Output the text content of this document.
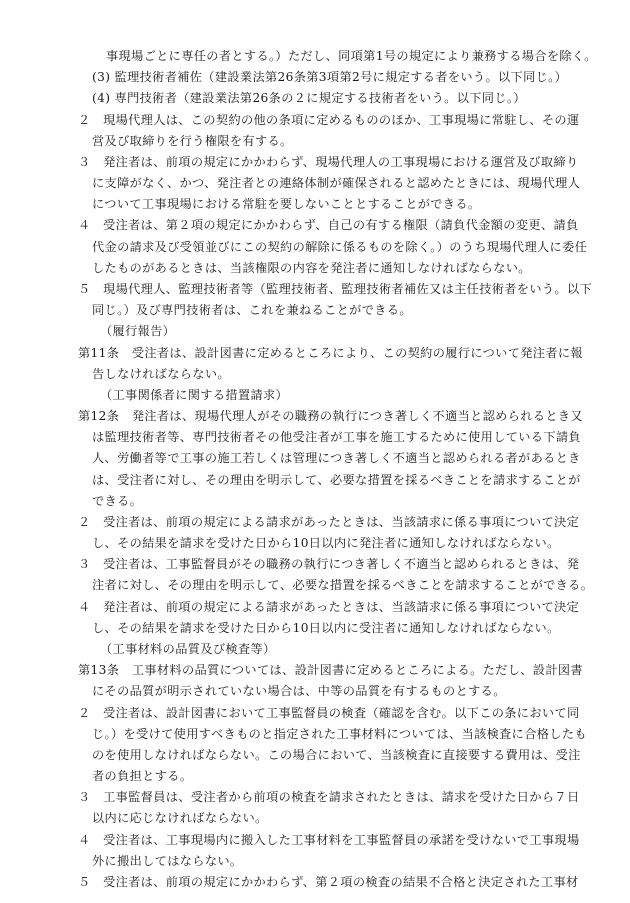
事現場ごとに専任の者とする。）ただし、同項第1号の規定により兼務する場合を除く。
(3) 監理技術者補佐（建設業法第26条第3項第2号に規定する者をいう。以下同じ。）
(4) 専門技術者（建設業法第26条の２に規定する技術者をいう。以下同じ。）
２　現場代理人は、この契約の他の条項に定めるもののほか、工事現場に常駐し、その運
営及び取締りを行う権限を有する。
３　発注者は、前項の規定にかかわらず、現場代理人の工事現場における運営及び取締り
に支障がなく、かつ、発注者との連絡体制が確保されると認めたときには、現場代理人
について工事現場における常駐を要しないこととすることができる。
４　受注者は、第２項の規定にかかわらず、自己の有する権限（請負代金額の変更、請負
代金の請求及び受領並びにこの契約の解除に係るものを除く。）のうち現場代理人に委任
したものがあるときは、当該権限の内容を発注者に通知しなければならない。
５　現場代理人、監理技術者等（監理技術者、監理技術者補佐又は主任技術者をいう。以下
同じ。）及び専門技術者は、これを兼ねることができる。
（履行報告）
第11条　受注者は、設計図書に定めるところにより、この契約の履行について発注者に報
告しなければならない。
（工事関係者に関する措置請求）
第12条　発注者は、現場代理人がその職務の執行につき著しく不適当と認められるとき又
は監理技術者等、専門技術者その他受注者が工事を施工するために使用している下請負
人、労働者等で工事の施工若しくは管理につき著しく不適当と認められる者があるとき
は、受注者に対し、その理由を明示して、必要な措置を採るべきことを請求することが
できる。
２　受注者は、前項の規定による請求があったときは、当該請求に係る事項について決定
し、その結果を請求を受けた日から10日以内に発注者に通知しなければならない。
３　受注者は、工事監督員がその職務の執行につき著しく不適当と認められるときは、発
注者に対し、その理由を明示して、必要な措置を採るべきことを請求することができる。
４　発注者は、前項の規定による請求があったときは、当該請求に係る事項について決定
し、その結果を請求を受けた日から10日以内に受注者に通知しなければならない。
（工事材料の品質及び検査等）
第13条　工事材料の品質については、設計図書に定めるところによる。ただし、設計図書
にその品質が明示されていない場合は、中等の品質を有するものとする。
２　受注者は、設計図書において工事監督員の検査（確認を含む。以下この条において同
じ。）を受けて使用すべきものと指定された工事材料については、当該検査に合格したも
のを使用しなければならない。この場合において、当該検査に直接要する費用は、受注
者の負担とする。
３　工事監督員は、受注者から前項の検査を請求されたときは、請求を受けた日から７日
以内に応じなければならない。
４　受注者は、工事現場内に搬入した工事材料を工事監督員の承諾を受けないで工事現場
外に搬出してはならない。
５　受注者は、前項の規定にかかわらず、第２項の検査の結果不合格と決定された工事材
